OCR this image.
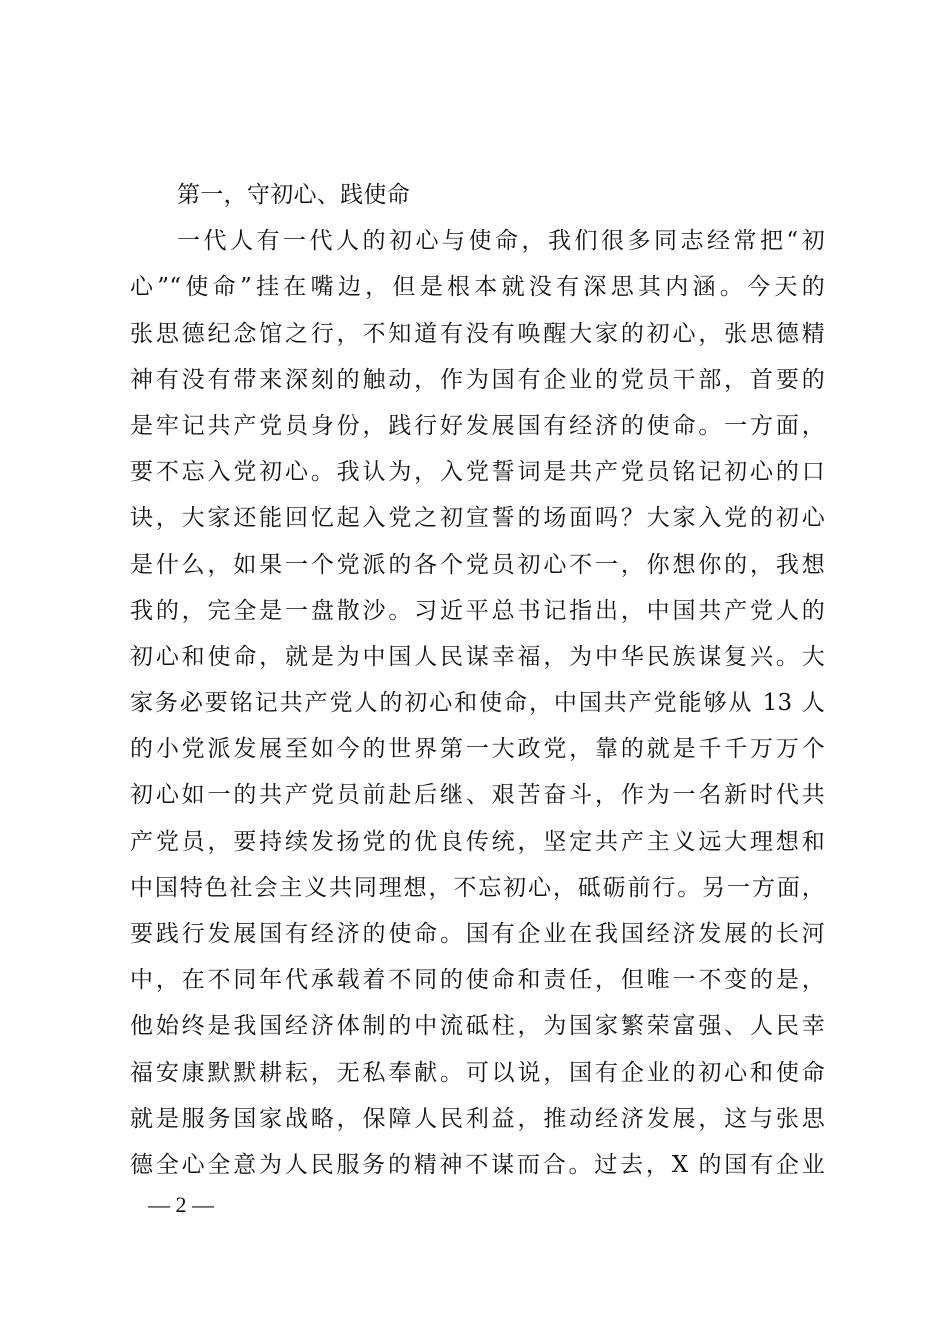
第一，守初心、践使命
一代人有一代人的初心与使命，我们很多同志经常把“初
心”“使命”挂在嘴边，但是根本就没有深思其内涵。今天的
张思德纪念馆之行，不知道有没有唤醒大家的初心，张思德精
神有没有带来深刻的触动，作为国有企业的党员干部，首要的
是牢记共产党员身份，践行好发展国有经济的使命。一方面，
要不忘入党初心。我认为，入党誓词是共产党员铭记初心的口
诀，大家还能回忆起入党之初宣誓的场面吗？大家入党的初心
是什么，如果一个党派的各个党员初心不一，你想你的，我想
我的，完全是一盘散沙。习近平总书记指出，中国共产党人的
初心和使命，就是为中国人民谋幸福，为中华民族谋复兴。大
家务必要铭记共产党人的初心和使命，中国共产党能够从 13 人
的小党派发展至如今的世界第一大政党，靠的就是千千万万个
初心如一的共产党员前赴后继、艰苦奋斗，作为一名新时代共
产党员，要持续发扬党的优良传统，坚定共产主义远大理想和
中国特色社会主义共同理想，不忘初心，砥砺前行。另一方面，
要践行发展国有经济的使命。国有企业在我国经济发展的长河
中，在不同年代承载着不同的使命和责任，但唯一不变的是，
他始终是我国经济体制的中流砥柱，为国家繁荣富强、人民幸
福安康默默耕耘，无私奉献。可以说，国有企业的初心和使命
就是服务国家战略，保障人民利益，推动经济发展，这与张思
德全心全意为人民服务的精神不谋而合。过去，X 的国有企业
— 2 —
